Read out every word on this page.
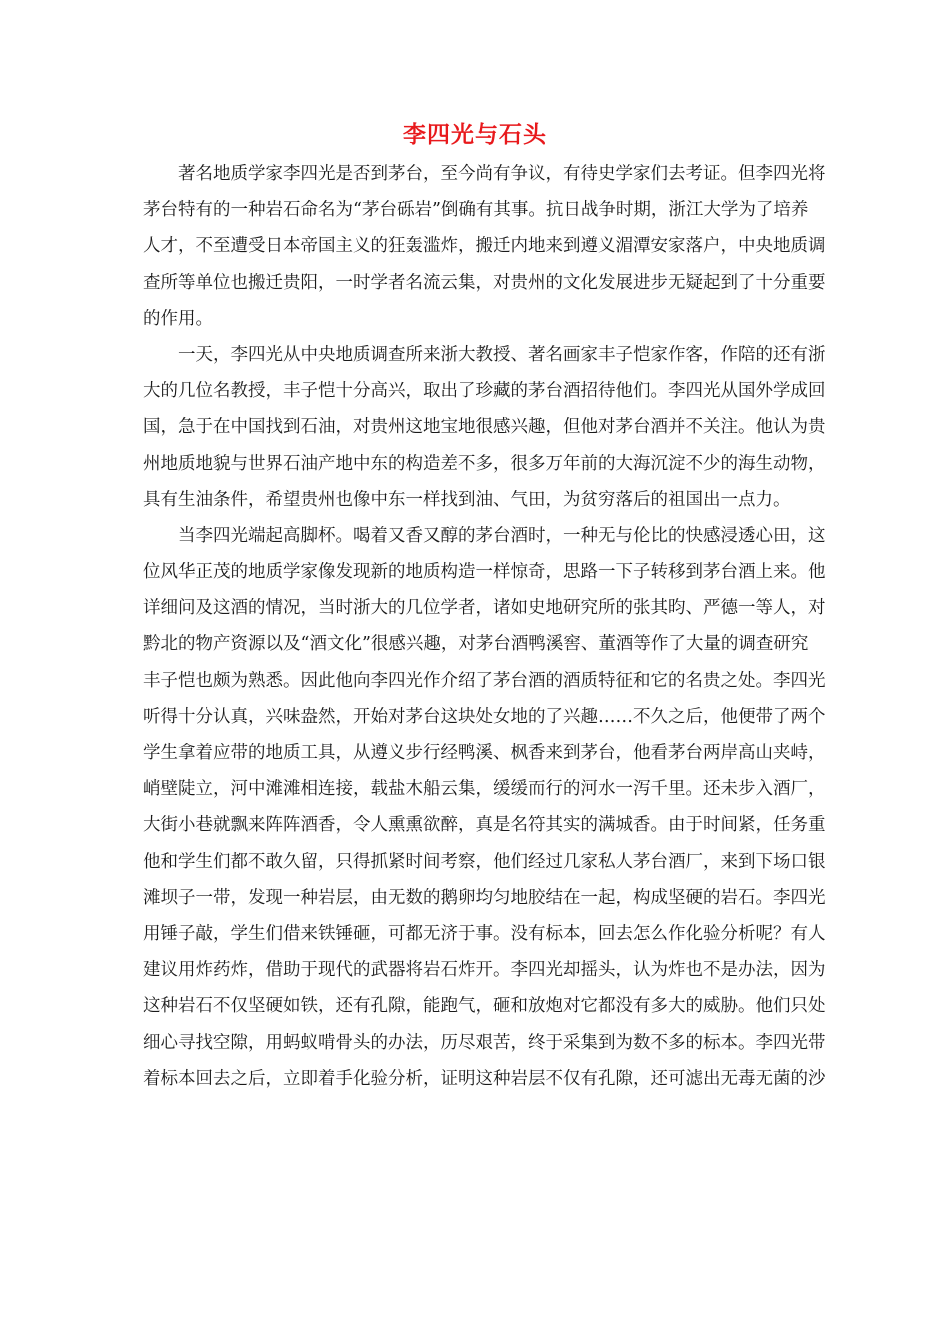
李四光与石头
著名地质学家李四光是否到茅台，至今尚有争议，有待史学家们去考证。但李四光将
茅台特有的一种岩石命名为“茅台砾岩”倒确有其事。抗日战争时期，浙江大学为了培养
人才，不至遭受日本帝国主义的狂轰滥炸，搬迁内地来到遵义湄潭安家落户，中央地质调
查所等单位也搬迁贵阳，一时学者名流云集，对贵州的文化发展进步无疑起到了十分重要
的作用。
一天，李四光从中央地质调查所来浙大教授、著名画家丰子恺家作客，作陪的还有浙
大的几位名教授，丰子恺十分高兴，取出了珍藏的茅台酒招待他们。李四光从国外学成回
国，急于在中国找到石油，对贵州这地宝地很感兴趣，但他对茅台酒并不关注。他认为贵
州地质地貌与世界石油产地中东的构造差不多，很多万年前的大海沉淀不少的海生动物，
具有生油条件，希望贵州也像中东一样找到油、气田，为贫穷落后的祖国出一点力。
当李四光端起高脚杯。喝着又香又醇的茅台酒时，一种无与伦比的快感浸透心田，这
位风华正茂的地质学家像发现新的地质构造一样惊奇，思路一下子转移到茅台酒上来。他
详细问及这酒的情况，当时浙大的几位学者，诸如史地研究所的张其昀、严德一等人，对
黔北的物产资源以及“酒文化”很感兴趣，对茅台酒鸭溪窖、董酒等作了大量的调查研究
丰子恺也颇为熟悉。因此他向李四光作介绍了茅台酒的酒质特征和它的名贵之处。李四光
听得十分认真，兴味盎然，开始对茅台这块处女地的了兴趣……不久之后，他便带了两个
学生拿着应带的地质工具，从遵义步行经鸭溪、枫香来到茅台，他看茅台两岸高山夹峙，
峭壁陡立，河中滩滩相连接，载盐木船云集，缓缓而行的河水一泻千里。还未步入酒厂，
大街小巷就飘来阵阵酒香，令人熏熏欲醉，真是名符其实的满城香。由于时间紧，任务重
他和学生们都不敢久留，只得抓紧时间考察，他们经过几家私人茅台酒厂，来到下场口银
滩坝子一带，发现一种岩层，由无数的鹅卵均匀地胶结在一起，构成坚硬的岩石。李四光
用锤子敲，学生们借来铁锤砸，可都无济于事。没有标本，回去怎么作化验分析呢？有人
建议用炸药炸，借助于现代的武器将岩石炸开。李四光却摇头，认为炸也不是办法，因为
这种岩石不仅坚硬如铁，还有孔隙，能跑气，砸和放炮对它都没有多大的威胁。他们只处
细心寻找空隙，用蚂蚁啃骨头的办法，历尽艰苦，终于采集到为数不多的标本。李四光带
着标本回去之后，立即着手化验分析，证明这种岩层不仅有孔隙，还可滤出无毒无菌的沙
